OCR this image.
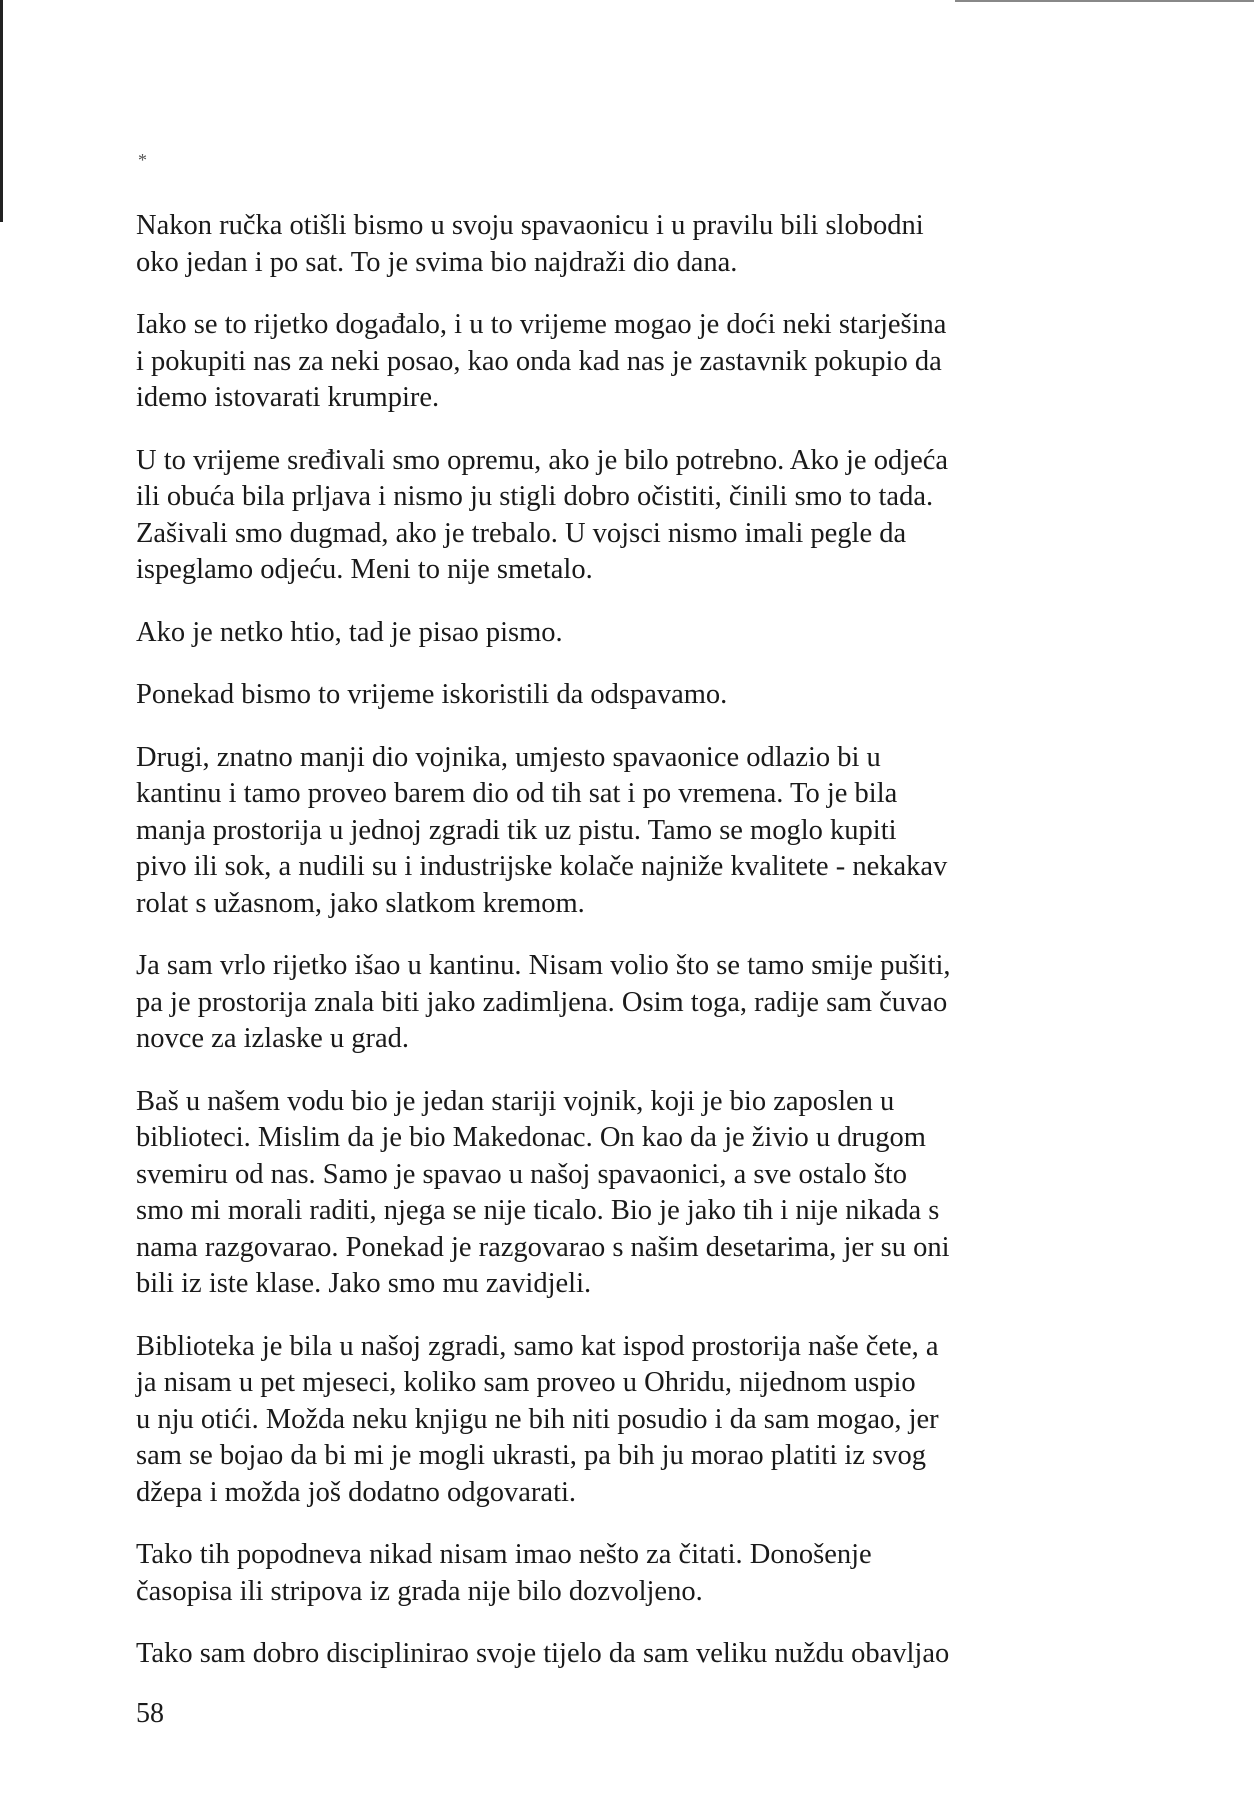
*

Nakon ručka otišli bismo u svoju spavaonicu i u pravilu bili slobodni
oko jedan i po sat. To je svima bio najdraži dio dana.

Iako se to rijetko događalo, i u to vrijeme mogao je doći neki starješina
i pokupiti nas za neki posao, kao onda kad nas je zastavnik pokupio da
idemo istovarati krumpire.

U to vrijeme sređivali smo opremu, ako je bilo potrebno. Ako je odjeća
ili obuća bila prljava i nismo ju stigli dobro očistiti, činili smo to tada.
Zašivali smo dugmad, ako je trebalo. U vojsci nismo imali pegle da
ispeglamo odjeću. Meni to nije smetalo.

Ako je netko htio, tad je pisao pismo.

Ponekad bismo to vrijeme iskoristili da odspavamo.

Drugi, znatno manji dio vojnika, umjesto spavaonice odlazio bi u
kantinu i tamo proveo barem dio od tih sat i po vremena. To je bila
manja prostorija u jednoj zgradi tik uz pistu. Tamo se moglo kupiti
pivo ili sok, a nudili su i industrijske kolače najniže kvalitete - nekakav
rolat s užasnom, jako slatkom kremom.

Ja sam vrlo rijetko išao u kantinu. Nisam volio što se tamo smije pušiti,
pa je prostorija znala biti jako zadimljena. Osim toga, radije sam čuvao
novce za izlaske u grad.

Baš u našem vodu bio je jedan stariji vojnik, koji je bio zaposlen u
biblioteci. Mislim da je bio Makedonac. On kao da je živio u drugom
svemiru od nas. Samo je spavao u našoj spavaonici, a sve ostalo što
smo mi morali raditi, njega se nije ticalo. Bio je jako tih i nije nikada s
nama razgovarao. Ponekad je razgovarao s našim desetarima, jer su oni
bili iz iste klase. Jako smo mu zavidjeli.

Biblioteka je bila u našoj zgradi, samo kat ispod prostorija naše čete, a
ja nisam u pet mjeseci, koliko sam proveo u Ohridu, nijednom uspio
u nju otići. Možda neku knjigu ne bih niti posudio i da sam mogao, jer
sam se bojao da bi mi je mogli ukrasti, pa bih ju morao platiti iz svog
džepa i možda još dodatno odgovarati.

Tako tih popodneva nikad nisam imao nešto za čitati. Donošenje
časopisa ili stripova iz grada nije bilo dozvoljeno.

Tako sam dobro disciplinirao svoje tijelo da sam veliku nuždu obavljao

58
